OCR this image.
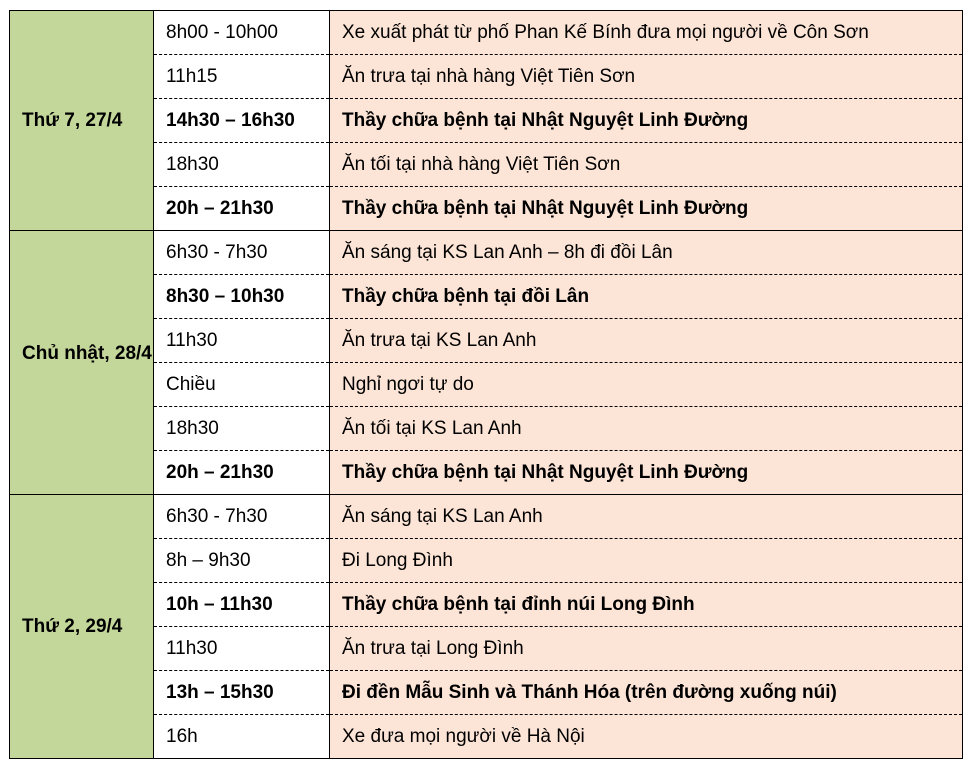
Thứ 7, 27/4	8h00 - 10h00	Xe xuất phát từ phố Phan Kế Bính đưa mọi người về Côn Sơn
	11h15	Ăn trưa tại nhà hàng Việt Tiên Sơn
	14h30 – 16h30	Thầy chữa bệnh tại Nhật Nguyệt Linh Đường
	18h30	Ăn tối tại nhà hàng Việt Tiên Sơn
	20h – 21h30	Thầy chữa bệnh tại Nhật Nguyệt Linh Đường
Chủ nhật, 28/4	6h30 - 7h30	Ăn sáng tại KS Lan Anh – 8h đi đồi Lân
	8h30 – 10h30	Thầy chữa bệnh tại đồi Lân
	11h30	Ăn trưa tại KS Lan Anh
	Chiều	Nghỉ ngơi tự do
	18h30	Ăn tối tại KS Lan Anh
	20h – 21h30	Thầy chữa bệnh tại Nhật Nguyệt Linh Đường
Thứ 2, 29/4	6h30 - 7h30	Ăn sáng tại KS Lan Anh
	8h – 9h30	Đi Long Đình
	10h – 11h30	Thầy chữa bệnh tại đỉnh núi Long Đình
	11h30	Ăn trưa tại Long Đình
	13h – 15h30	Đi đền Mẫu Sinh và Thánh Hóa (trên đường xuống núi)
	16h	Xe đưa mọi người về Hà Nội
